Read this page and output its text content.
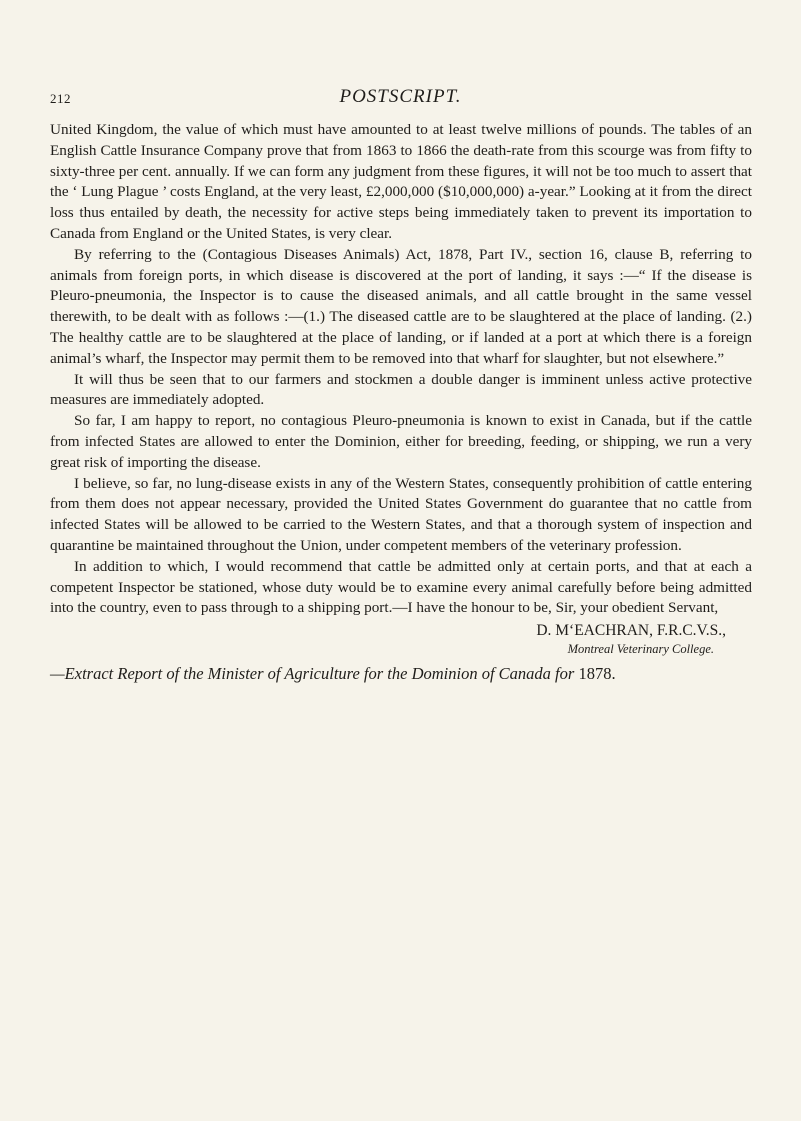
212	POSTSCRIPT.

United Kingdom, the value of which must have amounted to at least twelve millions of pounds. The tables of an English Cattle Insurance Company prove that from 1863 to 1866 the death-rate from this scourge was from fifty to sixty-three per cent. annually. If we can form any judgment from these figures, it will not be too much to assert that the ‘ Lung Plague ’ costs England, at the very least, £2,000,000 ($10,000,000) a-year.” Looking at it from the direct loss thus entailed by death, the necessity for active steps being immediately taken to prevent its importation to Canada from England or the United States, is very clear.

By referring to the (Contagious Diseases Animals) Act, 1878, Part IV., section 16, clause B, referring to animals from foreign ports, in which disease is discovered at the port of landing, it says :—“ If the disease is Pleuro-pneumonia, the Inspector is to cause the diseased animals, and all cattle brought in the same vessel therewith, to be dealt with as follows :—(1.) The diseased cattle are to be slaughtered at the place of landing. (2.) The healthy cattle are to be slaughtered at the place of landing, or if landed at a port at which there is a foreign animal’s wharf, the Inspector may permit them to be removed into that wharf for slaughter, but not elsewhere.”

It will thus be seen that to our farmers and stockmen a double danger is imminent unless active protective measures are immediately adopted.

So far, I am happy to report, no contagious Pleuro-pneumonia is known to exist in Canada, but if the cattle from infected States are allowed to enter the Dominion, either for breeding, feeding, or shipping, we run a very great risk of importing the disease.

I believe, so far, no lung-disease exists in any of the Western States, consequently prohibition of cattle entering from them does not appear necessary, provided the United States Government do guarantee that no cattle from infected States will be allowed to be carried to the Western States, and that a thorough system of inspection and quarantine be maintained throughout the Union, under competent members of the veterinary profession.

In addition to which, I would recommend that cattle be admitted only at certain ports, and that at each a competent Inspector be stationed, whose duty would be to examine every animal carefully before being admitted into the country, even to pass through to a shipping port.—I have the honour to be, Sir, your obedient Servant,

D. M‘EACHRAN, F.R.C.V.S.,
Montreal Veterinary College.
—Extract Report of the Minister of Agriculture for the Dominion of Canada for 1878.
